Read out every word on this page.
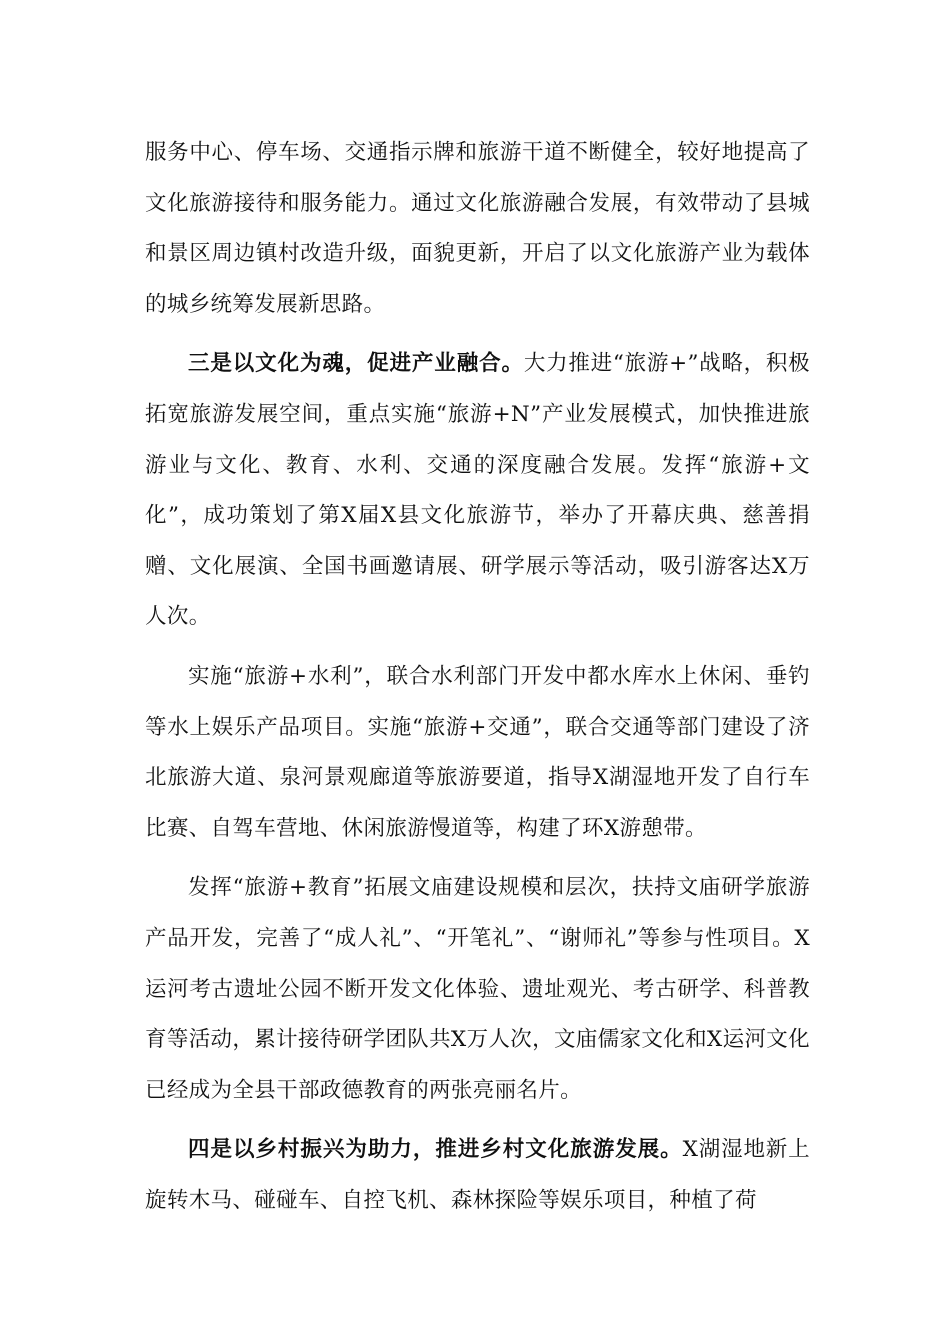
服务中心、停车场、交通指示牌和旅游干道不断健全，较好地提高了文化旅游接待和服务能力。通过文化旅游融合发展，有效带动了县城和景区周边镇村改造升级，面貌更新，开启了以文化旅游产业为载体的城乡统筹发展新思路。

三是以文化为魂，促进产业融合。大力推进“旅游+”战略，积极拓宽旅游发展空间，重点实施“旅游+N”产业发展模式，加快推进旅游业与文化、教育、水利、交通的深度融合发展。发挥“旅游+文化”，成功策划了第X届X县文化旅游节，举办了开幕庆典、慈善捐赠、文化展演、全国书画邀请展、研学展示等活动，吸引游客达X万人次。

实施“旅游+水利”，联合水利部门开发中都水库水上休闲、垂钓等水上娱乐产品项目。实施“旅游+交通”，联合交通等部门建设了济北旅游大道、泉河景观廊道等旅游要道，指导X湖湿地开发了自行车比赛、自驾车营地、休闲旅游慢道等，构建了环X游憩带。

发挥“旅游+教育”拓展文庙建设规模和层次，扶持文庙研学旅游产品开发，完善了“成人礼”、“开笔礼”、“谢师礼”等参与性项目。X运河考古遗址公园不断开发文化体验、遗址观光、考古研学、科普教育等活动，累计接待研学团队共X万人次，文庙儒家文化和X运河文化已经成为全县干部政德教育的两张亮丽名片。

四是以乡村振兴为助力，推进乡村文化旅游发展。X湖湿地新上旋转木马、碰碰车、自控飞机、森林探险等娱乐项目，种植了荷
